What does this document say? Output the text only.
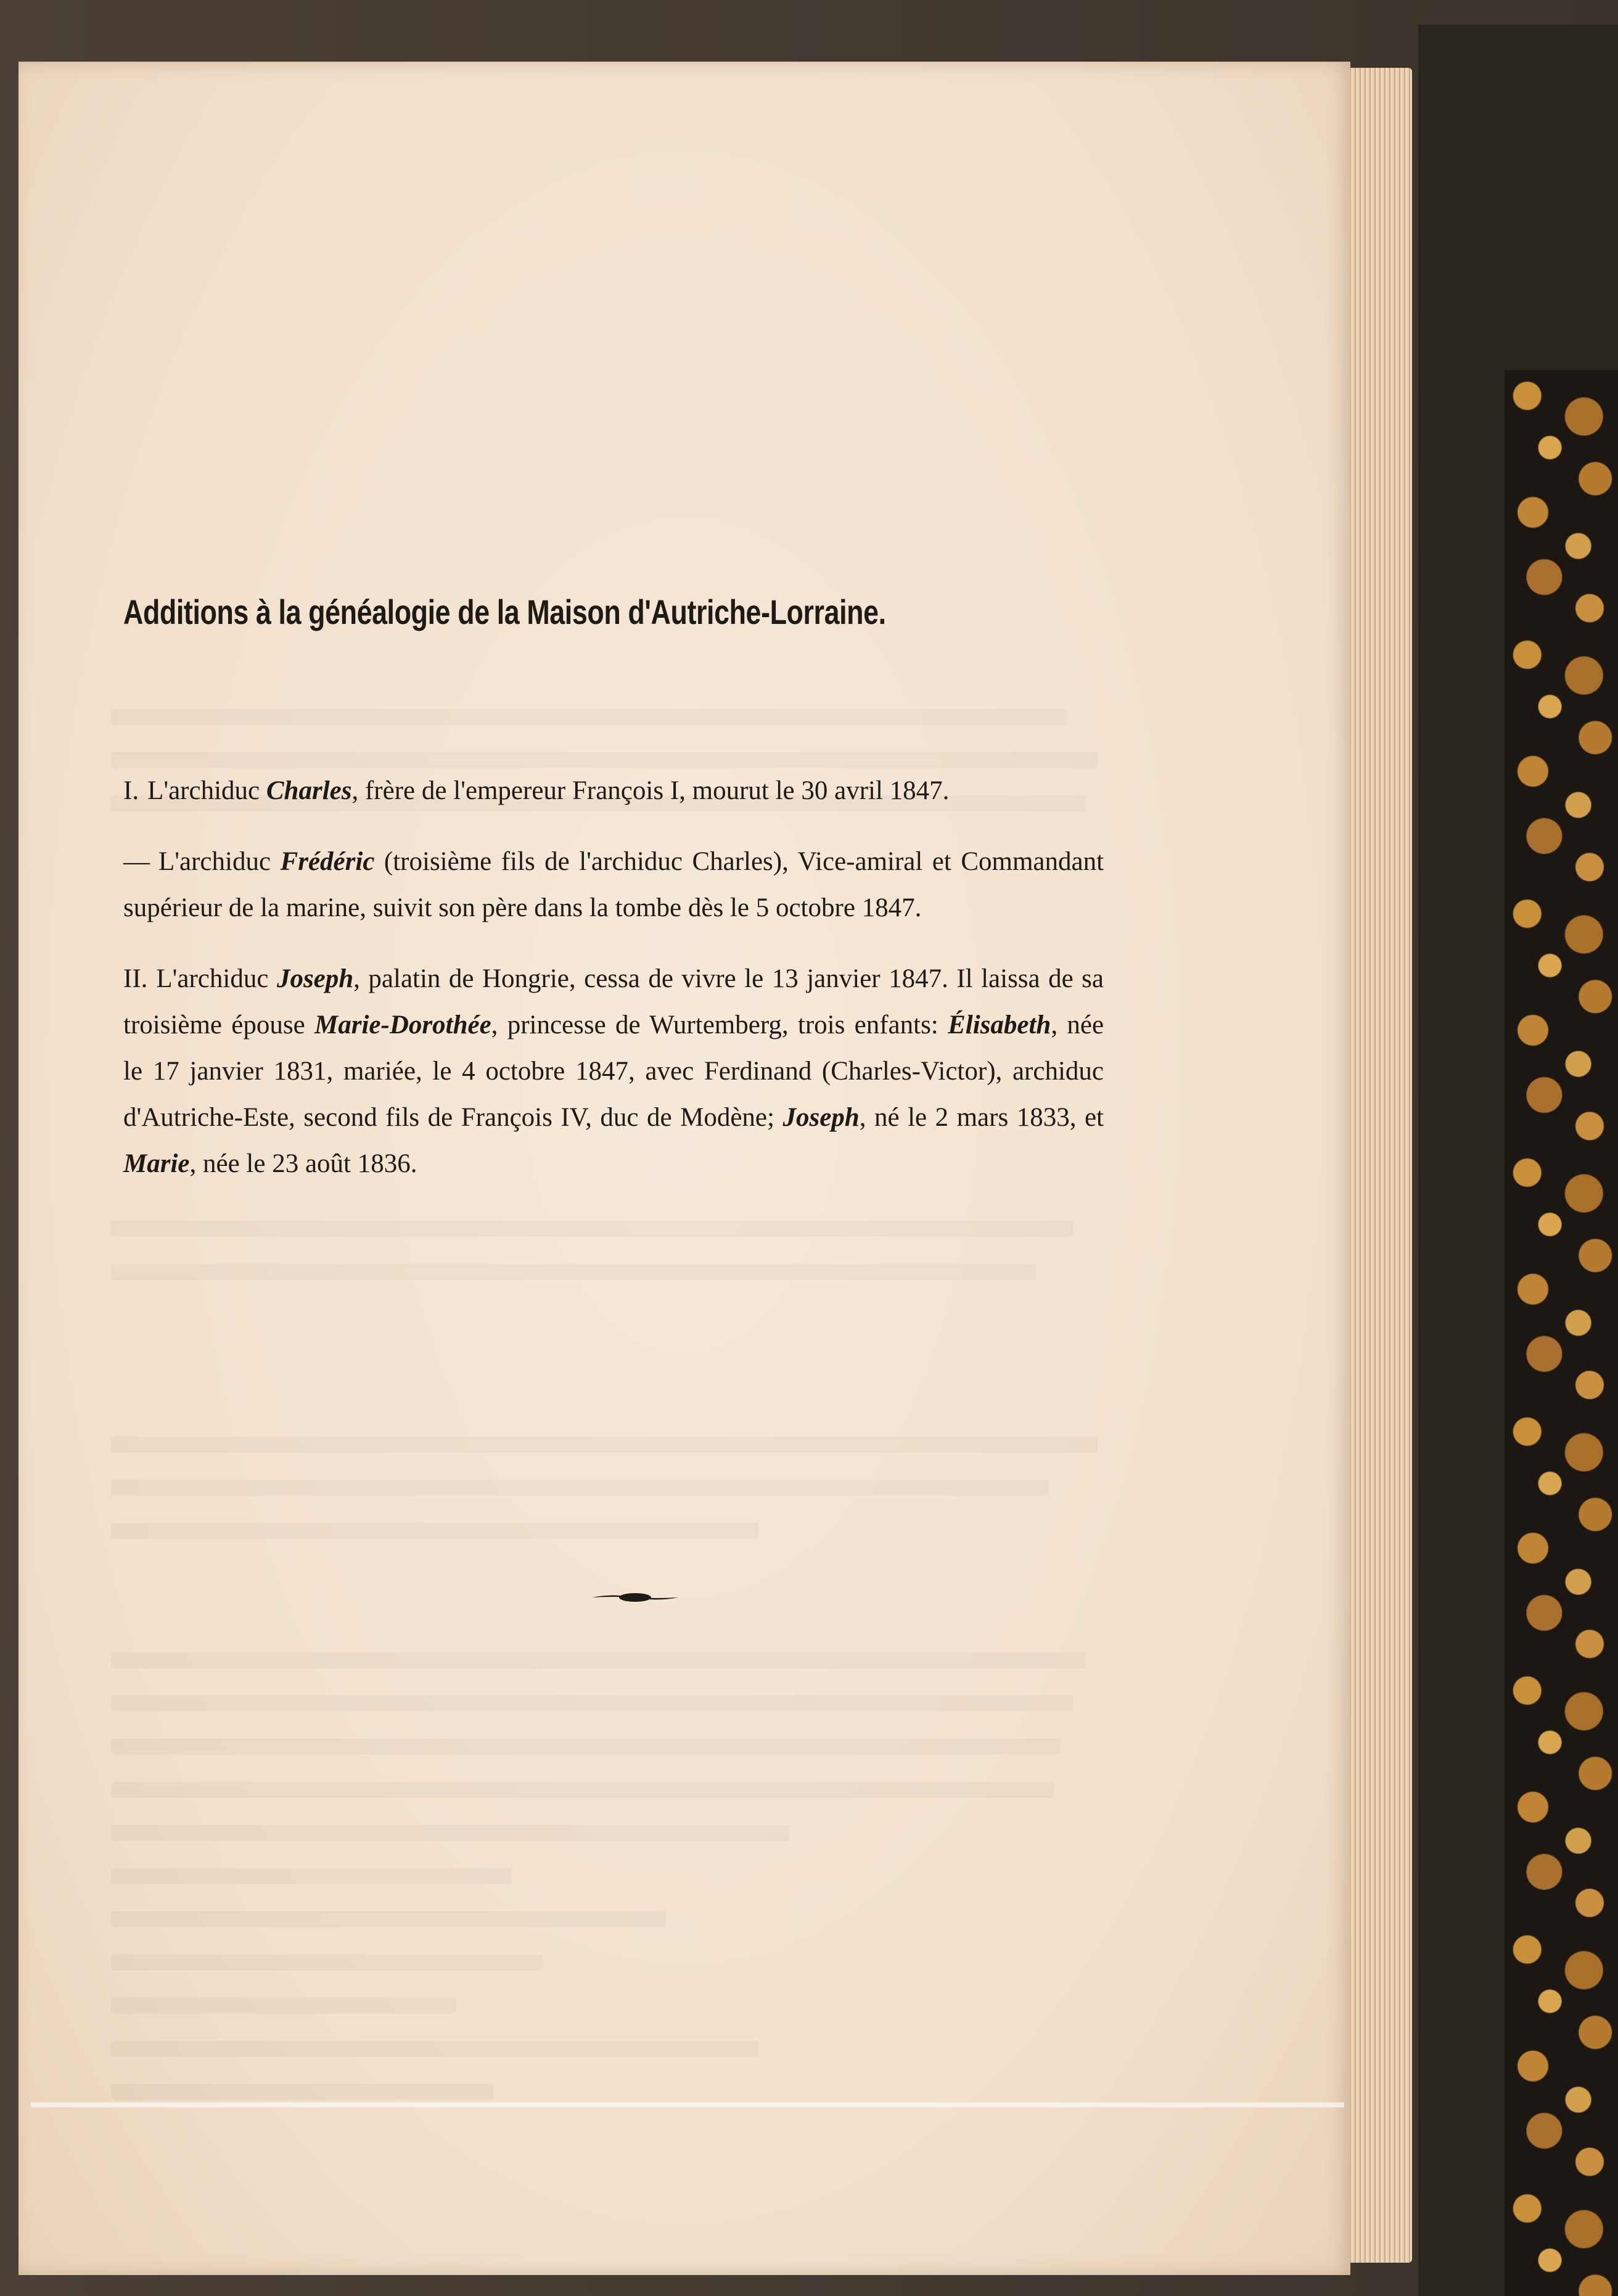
Additions à la généalogie de la Maison d'Autriche-Lorraine.

I. L'archiduc Charles, frère de l'empereur François I, mourut le 30 avril 1847.

— L'archiduc Frédéric (troisième fils de l'archiduc Charles), Vice-amiral et Commandant supérieur de la marine, suivit son père dans la tombe dès le 5 octobre 1847.

II. L'archiduc Joseph, palatin de Hongrie, cessa de vivre le 13 janvier 1847. Il laissa de sa troisième épouse Marie-Dorothée, princesse de Wurtemberg, trois enfants: Élisabeth, née le 17 janvier 1831, mariée, le 4 octobre 1847, avec Ferdinand (Charles-Victor), archiduc d'Autriche-Este, second fils de François IV, duc de Modène; Joseph, né le 2 mars 1833, et Marie, née le 23 août 1836.
